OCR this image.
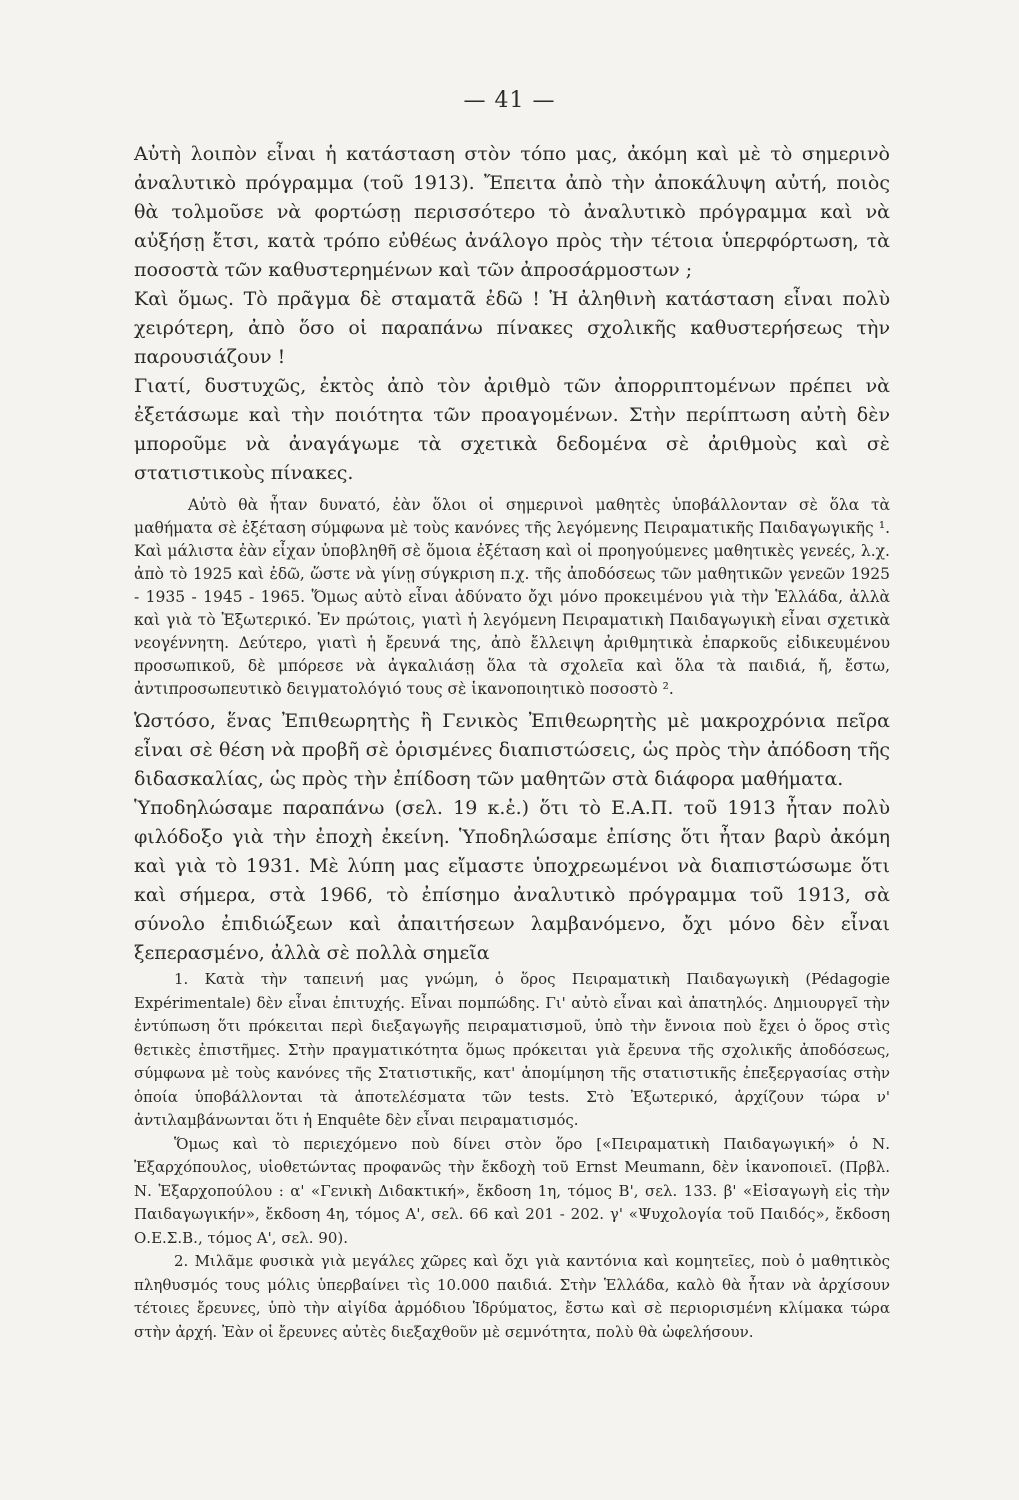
— 41 —

Αὐτὴ λοιπὸν εἶναι ἡ κατάσταση στὸν τόπο μας, ἀκόμη καὶ μὲ τὸ σημερινὸ ἀναλυτικὸ πρόγραμμα (τοῦ 1913). Ἔπειτα ἀπὸ τὴν ἀποκάλυψη αὐτή, ποιὸς θὰ τολμοῦσε νὰ φορτώσῃ περισσότερο τὸ ἀναλυτικὸ πρόγραμμα καὶ νὰ αὐξήσῃ ἔτσι, κατὰ τρόπο εὐθέως ἀνάλογο πρὸς τὴν τέτοια ὑπερφόρτωση, τὰ ποσοστὰ τῶν καθυστερημένων καὶ τῶν ἀπροσάρμοστων ;

Καὶ ὅμως. Τὸ πρᾶγμα δὲ σταματᾶ ἐδῶ ! Ἡ ἀληθινὴ κατάσταση εἶναι πολὺ χειρότερη, ἀπὸ ὅσο οἱ παραπάνω πίνακες σχολικῆς καθυστερήσεως τὴν παρουσιάζουν !

Γιατί, δυστυχῶς, ἐκτὸς ἀπὸ τὸν ἀριθμὸ τῶν ἀπορριπτομένων πρέπει νὰ ἐξετάσωμε καὶ τὴν ποιότητα τῶν προαγομένων. Στὴν περίπτωση αὐτὴ δὲν μποροῦμε νὰ ἀναγάγωμε τὰ σχετικὰ δεδομένα σὲ ἀριθμοὺς καὶ σὲ στατιστικοὺς πίνακες.

Αὐτὸ θὰ ἦταν δυνατό, ἐὰν ὅλοι οἱ σημερινοὶ μαθητὲς ὑποβάλλονταν σὲ ὅλα τὰ μαθήματα σὲ ἐξέταση σύμφωνα μὲ τοὺς κανόνες τῆς λεγόμενης Πειραματικῆς Παιδαγωγικῆς ¹. Καὶ μάλιστα ἐὰν εἶχαν ὑποβληθῆ σὲ ὅμοια ἐξέταση καὶ οἱ προηγούμενες μαθητικὲς γενεές, λ.χ. ἀπὸ τὸ 1925 καὶ ἐδῶ, ὥστε νὰ γίνῃ σύγκριση π.χ. τῆς ἀποδόσεως τῶν μαθητικῶν γενεῶν 1925 - 1935 - 1945 - 1965. Ὅμως αὐτὸ εἶναι ἀδύνατο ὄχι μόνο προκειμένου γιὰ τὴν Ἑλλάδα, ἀλλὰ καὶ γιὰ τὸ Ἐξωτερικό. Ἐν πρώτοις, γιατὶ ἡ λεγόμενη Πειραματικὴ Παιδαγωγικὴ εἶναι σχετικὰ νεογέννητη. Δεύτερο, γιατὶ ἡ ἔρευνά της, ἀπὸ ἔλλειψη ἀριθμητικὰ ἐπαρκοῦς εἰδικευμένου προσωπικοῦ, δὲ μπόρεσε νὰ ἀγκαλιάσῃ ὅλα τὰ σχολεῖα καὶ ὅλα τὰ παιδιά, ἤ, ἔστω, ἀντιπροσωπευτικὸ δειγματολόγιό τους σὲ ἱκανοποιητικὸ ποσοστὸ ².

Ὡστόσο, ἕνας Ἐπιθεωρητὴς ἢ Γενικὸς Ἐπιθεωρητὴς μὲ μακροχρόνια πεῖρα εἶναι σὲ θέση νὰ προβῆ σὲ ὁρισμένες διαπιστώσεις, ὡς πρὸς τὴν ἀπόδοση τῆς διδασκαλίας, ὡς πρὸς τὴν ἐπίδοση τῶν μαθητῶν στὰ διάφορα μαθήματα.

Ὑποδηλώσαμε παραπάνω (σελ. 19 κ.ἑ.) ὅτι τὸ Ε.Α.Π. τοῦ 1913 ἦταν πολὺ φιλόδοξο γιὰ τὴν ἐποχὴ ἐκείνη. Ὑποδηλώσαμε ἐπίσης ὅτι ἦταν βαρὺ ἀκόμη καὶ γιὰ τὸ 1931. Μὲ λύπη μας εἴμαστε ὑποχρεωμένοι νὰ διαπιστώσωμε ὅτι καὶ σήμερα, στὰ 1966, τὸ ἐπίσημο ἀναλυτικὸ πρόγραμμα τοῦ 1913, σὰ σύνολο ἐπιδιώξεων καὶ ἀπαιτήσεων λαμβανόμενο, ὄχι μόνο δὲν εἶναι ξεπερασμένο, ἀλλὰ σὲ πολλὰ σημεῖα

1. Κατὰ τὴν ταπεινή μας γνώμη, ὁ ὅρος Πειραματικὴ Παιδαγωγικὴ (Pédagogie Expérimentale) δὲν εἶναι ἐπιτυχής. Εἶναι πομπώδης. Γι' αὐτὸ εἶναι καὶ ἀπατηλός. Δημιουργεῖ τὴν ἐντύπωση ὅτι πρόκειται περὶ διεξαγωγῆς πειραματισμοῦ, ὑπὸ τὴν ἔννοια ποὺ ἔχει ὁ ὅρος στὶς θετικὲς ἐπιστῆμες. Στὴν πραγματικότητα ὅμως πρόκειται γιὰ ἔρευνα τῆς σχολικῆς ἀποδόσεως, σύμφωνα μὲ τοὺς κανόνες τῆς Στατιστικῆς, κατ' ἀπομίμηση τῆς στατιστικῆς ἐπεξεργασίας στὴν ὁποία ὑποβάλλονται τὰ ἀποτελέσματα τῶν tests. Στὸ Ἐξωτερικό, ἀρχίζουν τώρα ν' ἀντιλαμβάνωνται ὅτι ἡ Enquête δὲν εἶναι πειραματισμός.

Ὅμως καὶ τὸ περιεχόμενο ποὺ δίνει στὸν ὅρο [«Πειραματικὴ Παιδαγωγική» ὁ Ν. Ἐξαρχόπουλος, υἱοθετώντας προφανῶς τὴν ἔκδοχὴ τοῦ Ernst Meumann, δὲν ἱκανοποιεῖ. (Πρβλ. Ν. Ἐξαρχοπούλου : α' «Γενικὴ Διδακτική», ἔκδοση 1η, τόμος Β', σελ. 133. β' «Εἰσαγωγὴ εἰς τὴν Παιδαγωγικήν», ἔκδοση 4η, τόμος Α', σελ. 66 καὶ 201 - 202. γ' «Ψυχολογία τοῦ Παιδός», ἔκδοση Ο.Ε.Σ.Β., τόμος Α', σελ. 90).

2. Μιλᾶμε φυσικὰ γιὰ μεγάλες χῶρες καὶ ὄχι γιὰ καντόνια καὶ κομητεῖες, ποὺ ὁ μαθητικὸς πληθυσμός τους μόλις ὑπερβαίνει τὶς 10.000 παιδιά. Στὴν Ἑλλάδα, καλὸ θὰ ἦταν νὰ ἀρχίσουν τέτοιες ἔρευνες, ὑπὸ τὴν αἰγίδα ἁρμόδιου Ἱδρύματος, ἔστω καὶ σὲ περιορισμένη κλίμακα τώρα στὴν ἀρχή. Ἐὰν οἱ ἔρευνες αὐτὲς διεξαχθοῦν μὲ σεμνότητα, πολὺ θὰ ὠφελήσουν.
